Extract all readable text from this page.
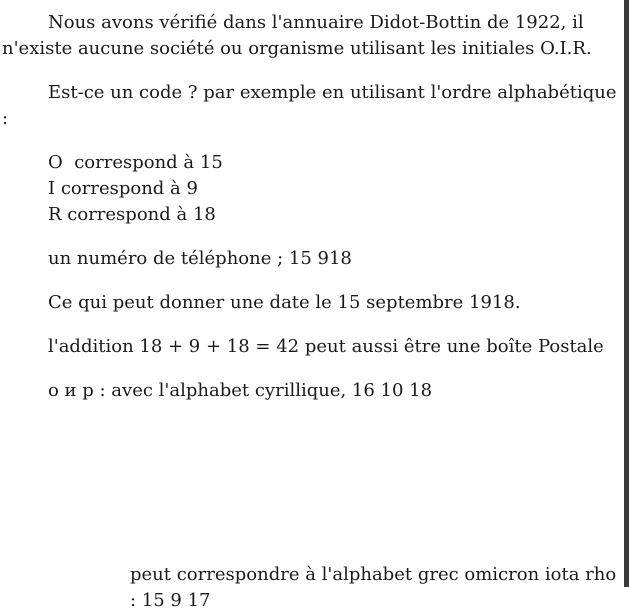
Nous avons vérifié dans l'annuaire Didot-Bottin de 1922, il n'existe aucune société ou organisme utilisant les initiales O.I.R.

Est-ce un code ? par exemple en utilisant l'ordre alphabétique :

O  correspond à 15
I correspond à 9
R correspond à 18

un numéro de téléphone ; 15 918

Ce qui peut donner une date le 15 septembre 1918.

l'addition 18 + 9 + 18 = 42 peut aussi être une boîte Postale

о и р : avec l'alphabet cyrillique, 16 10 18

peut correspondre à l'alphabet grec omicron iota rho : 15 9 17
